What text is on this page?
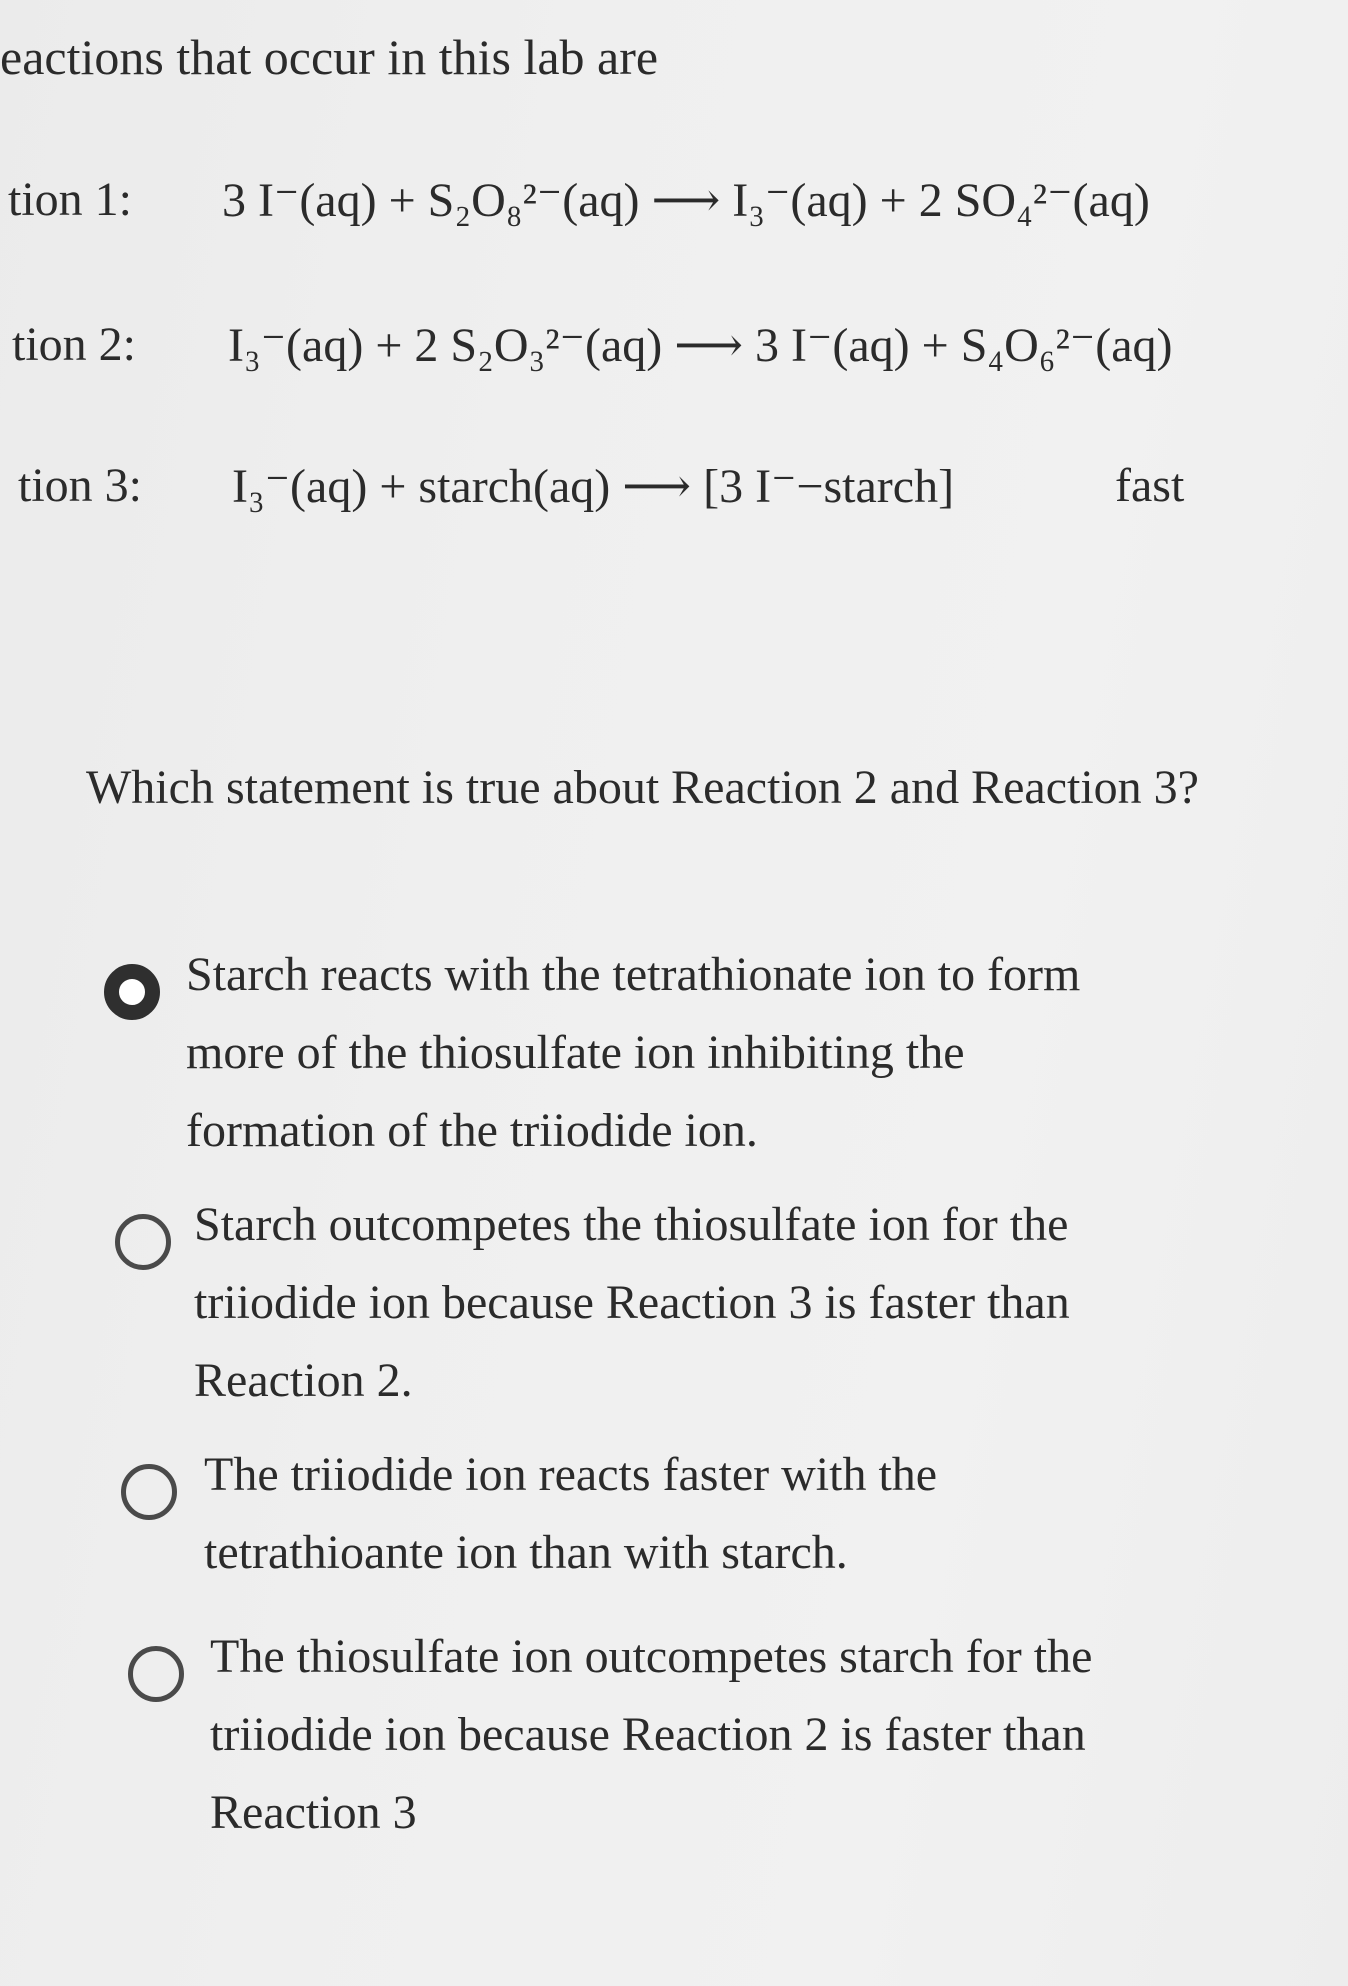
eactions that occur in this lab are
tion 1: 3 I⁻(aq) + S₂O₈²⁻(aq) ⟶ I₃⁻(aq) + 2 SO₄²⁻(aq)
tion 2: I₃⁻(aq) + 2 S₂O₃²⁻(aq) ⟶ 3 I⁻(aq) + S₄O₆²⁻(aq)
tion 3: I₃⁻(aq) + starch(aq) ⟶ [3 I⁻−starch]	fast

Which statement is true about Reaction 2 and Reaction 3?

Starch reacts with the tetrathionate ion to form
more of the thiosulfate ion inhibiting the
formation of the triiodide ion.
Starch outcompetes the thiosulfate ion for the
triiodide ion because Reaction 3 is faster than
Reaction 2.
The triiodide ion reacts faster with the
tetrathioante ion than with starch.
The thiosulfate ion outcompetes starch for the
triiodide ion because Reaction 2 is faster than
Reaction 3
